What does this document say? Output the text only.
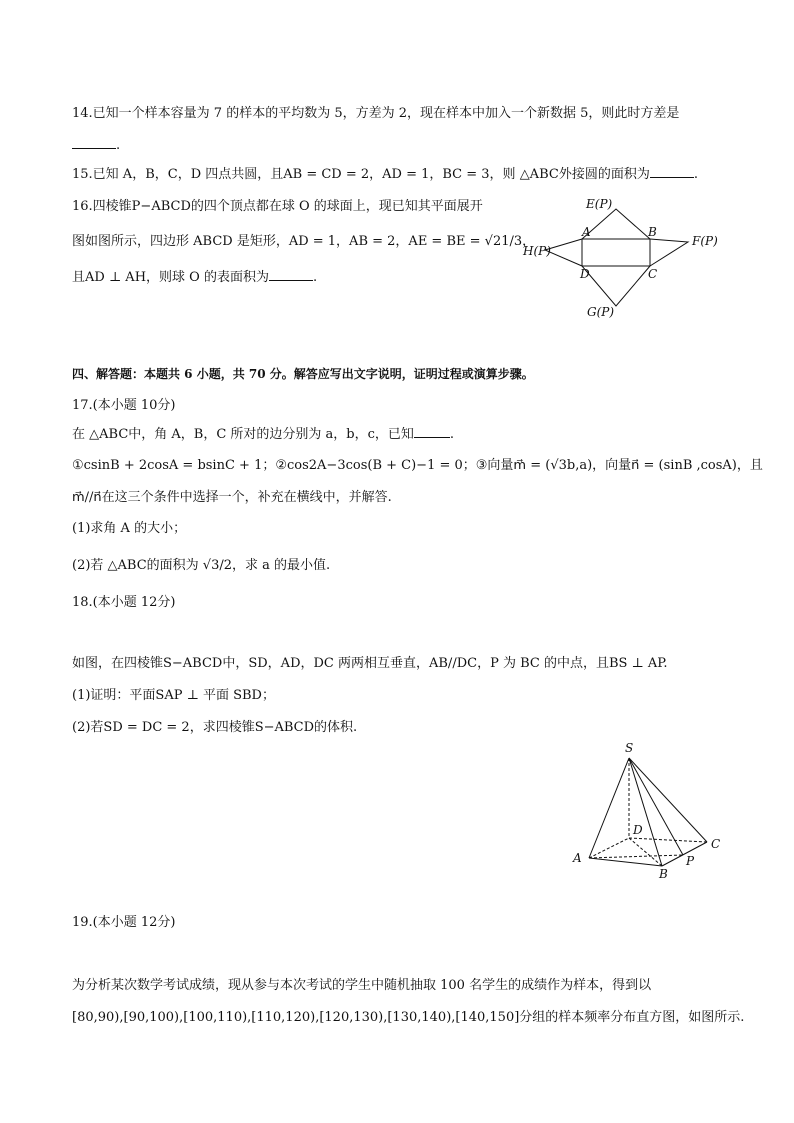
14.已知一个样本容量为 7 的样本的平均数为 5，方差为 2，现在样本中加入一个新数据 5，则此时方差是
.
15.已知 A，B，C，D 四点共圆，且AB = CD = 2，AD = 1，BC = 3，则 △ABC外接圆的面积为	.
16.四棱锥P−ABCD的四个顶点都在球 O 的球面上，现已知其平面展开
图如图所示，四边形 ABCD 是矩形，AD = 1，AB = 2，AE = BE = √21/3，
且AD ⊥ AH，则球 O 的表面积为	.
E(P)
A	B
F(P)
H(P)
D	C
G(P)
四、解答题：本题共 6 小题，共 70 分。解答应写出文字说明，证明过程或演算步骤。
17.(本小题 10分)
在 △ABC中，角 A，B，C 所对的边分别为 a，b，c，已知	.
①csinB + 2cosA = bsinC + 1；②cos2A−3cos(B + C)−1 = 0；③向量m⃗ = (√3b,a)，向量n⃗ = (sinB ,cosA)，且
m⃗//n⃗在这三个条件中选择一个，补充在横线中，并解答.
(1)求角 A 的大小；
(2)若 △ABC的面积为 √3/2，求 a 的最小值.
18.(本小题 12分)
如图，在四棱锥S−ABCD中，SD，AD，DC 两两相互垂直，AB//DC，P 为 BC 的中点，且BS ⊥ AP.
(1)证明：平面SAP ⊥ 平面 SBD；
(2)若SD = DC = 2，求四棱锥S−ABCD的体积.
S
D
C
A	P
B
19.(本小题 12分)
为分析某次数学考试成绩，现从参与本次考试的学生中随机抽取 100 名学生的成绩作为样本，得到以
[80,90),[90,100),[100,110),[110,120),[120,130),[130,140),[140,150]分组的样本频率分布直方图，如图所示.
